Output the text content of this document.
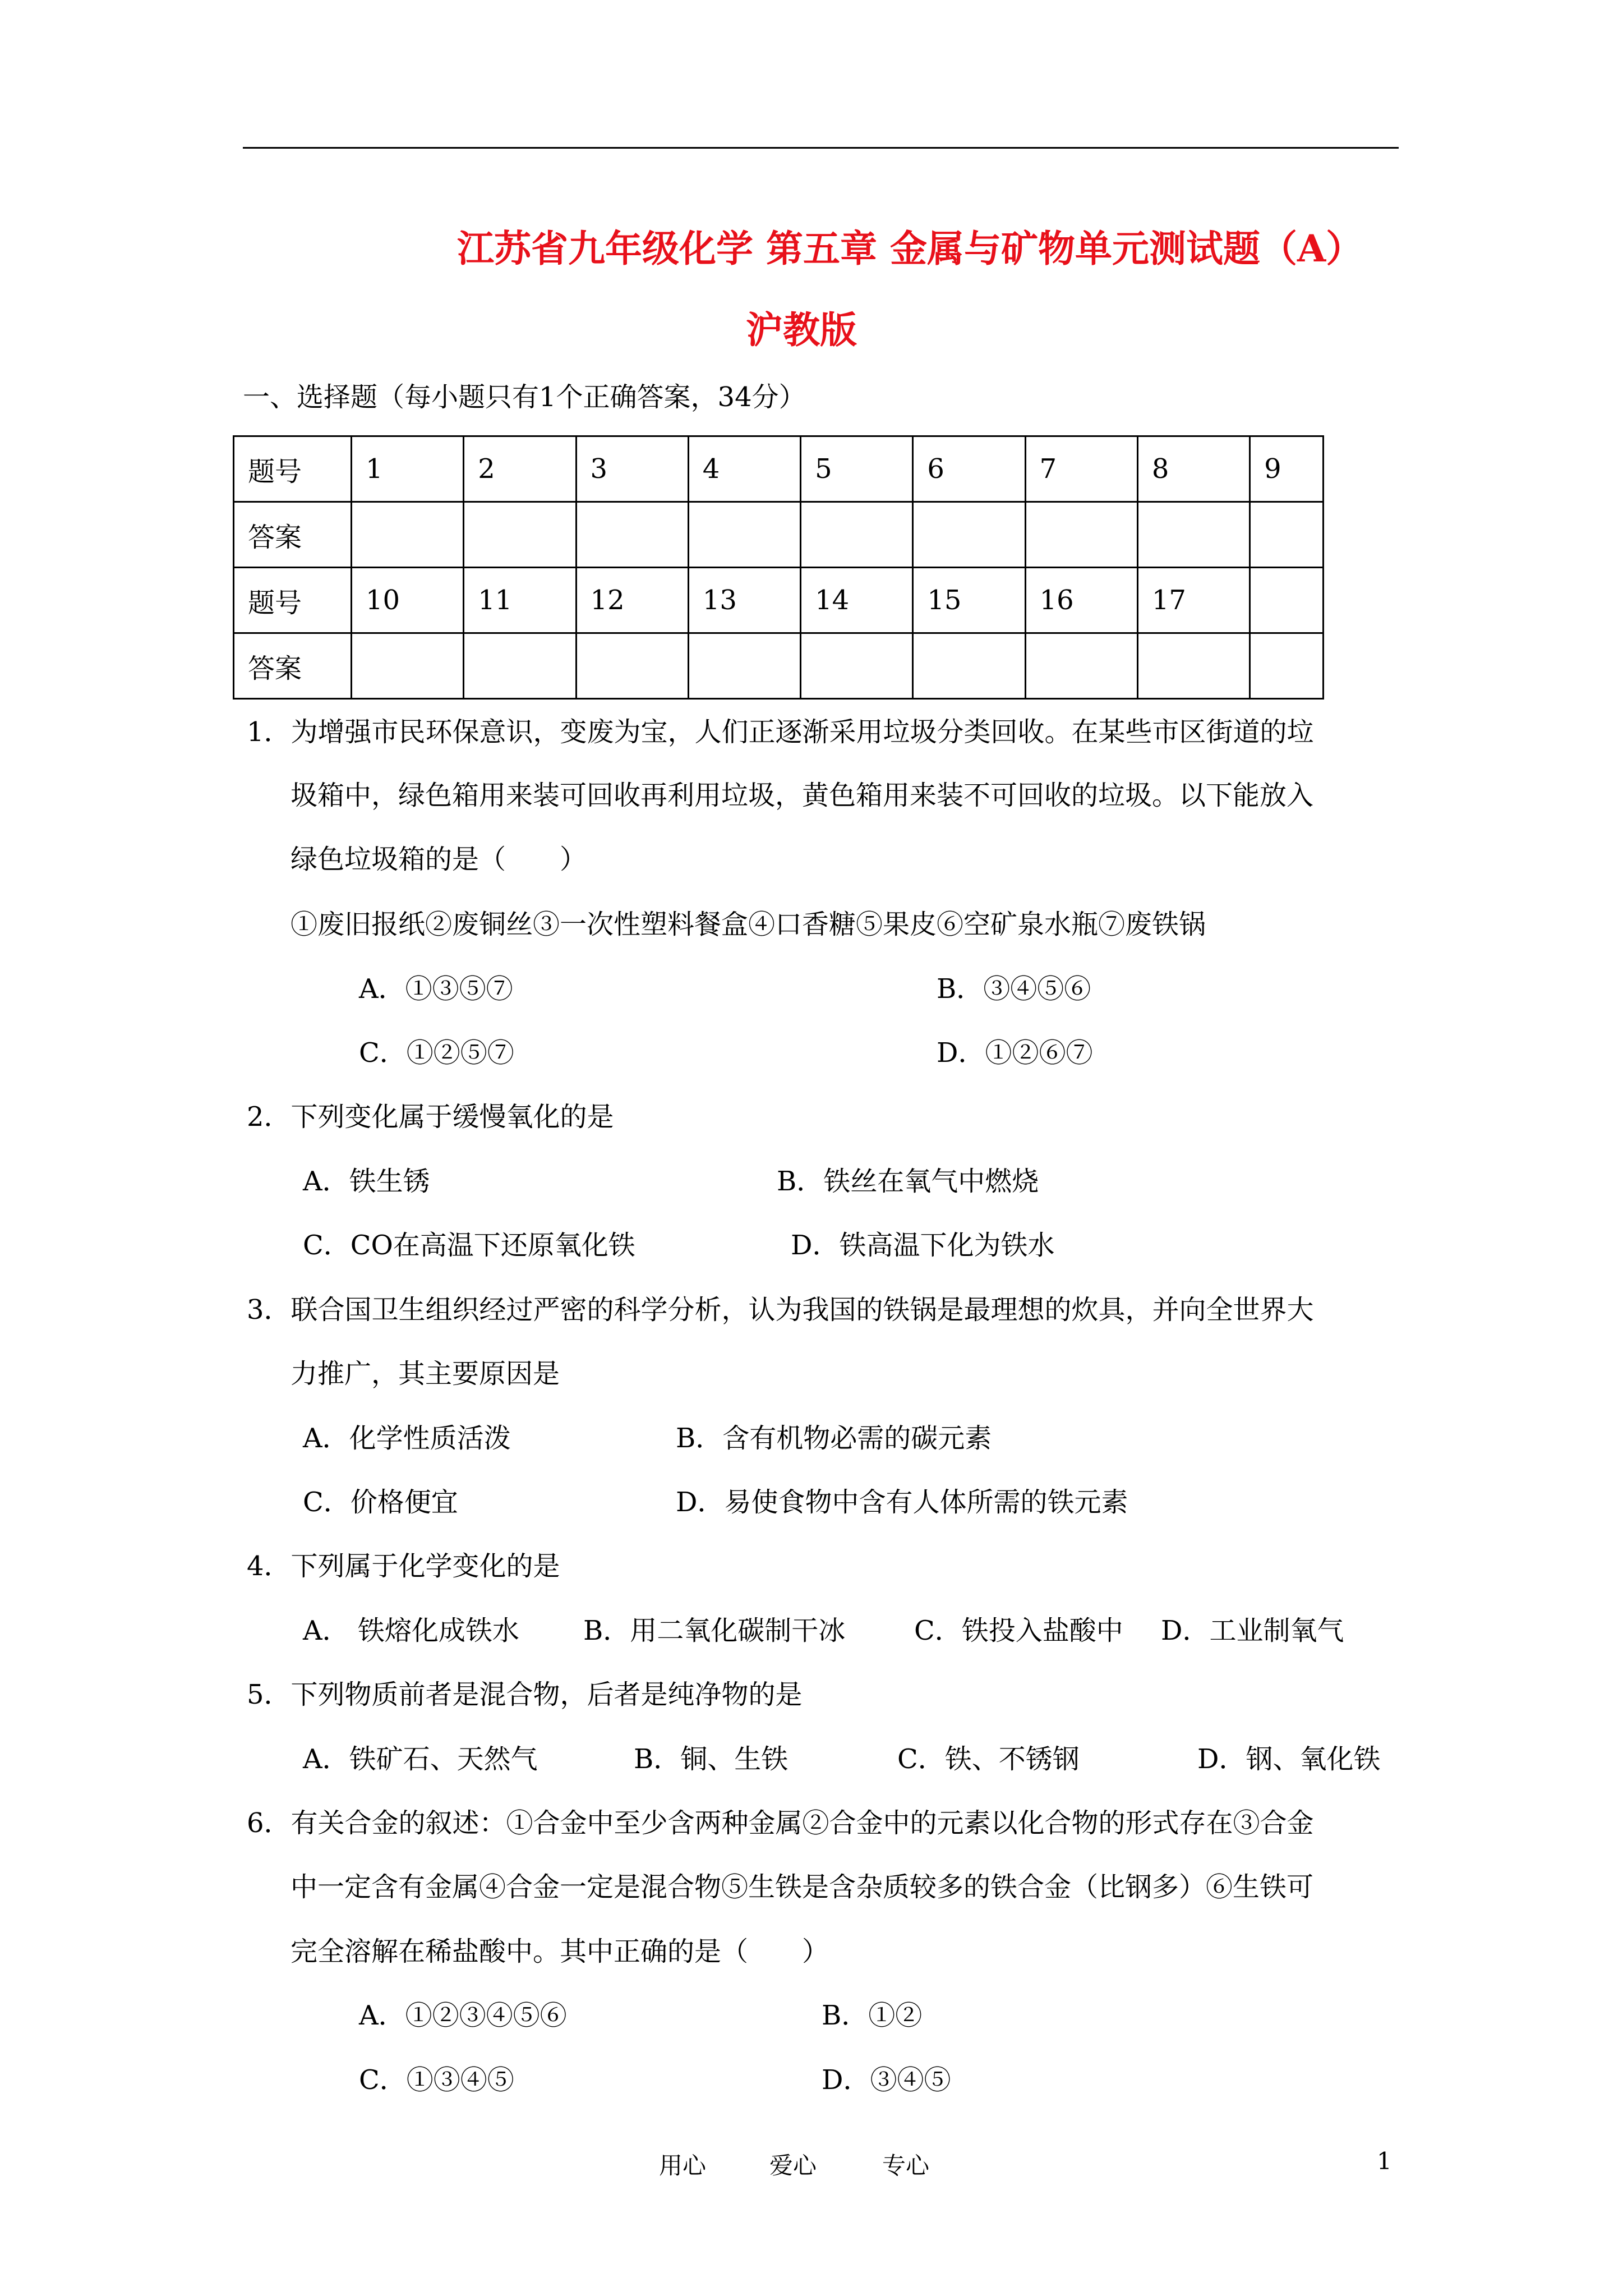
江苏省九年级化学 第五章 金属与矿物单元测试题（A）
沪教版
一、选择题（每小题只有1个正确答案，34分）
题号	1	2	3	4	5	6	7	8	9
答案									
题号	10	11	12	13	14	15	16	17	
答案									
1．为增强市民环保意识，变废为宝，人们正逐渐采用垃圾分类回收。在某些市区街道的垃
圾箱中，绿色箱用来装可回收再利用垃圾，黄色箱用来装不可回收的垃圾。以下能放入
绿色垃圾箱的是（　　）
①废旧报纸②废铜丝③一次性塑料餐盒④口香糖⑤果皮⑥空矿泉水瓶⑦废铁锅
A．①③⑤⑦	B．③④⑤⑥
C．①②⑤⑦	D．①②⑥⑦
2．下列变化属于缓慢氧化的是
A．铁生锈	B．铁丝在氧气中燃烧
C．CO在高温下还原氧化铁	D．铁高温下化为铁水
3．联合国卫生组织经过严密的科学分析，认为我国的铁锅是最理想的炊具，并向全世界大
力推广，其主要原因是
A．化学性质活泼	B．含有机物必需的碳元素
C．价格便宜	D．易使食物中含有人体所需的铁元素
4．下列属于化学变化的是
A． 铁熔化成铁水 B．用二氧化碳制干冰	C．铁投入盐酸中 D．工业制氧气
5．下列物质前者是混合物，后者是纯净物的是
A．铁矿石、天然气	B．铜、生铁	C．铁、不锈钢	D．钢、氧化铁
6．有关合金的叙述：①合金中至少含两种金属②合金中的元素以化合物的形式存在③合金
中一定含有金属④合金一定是混合物⑤生铁是含杂质较多的铁合金（比钢多）⑥生铁可
完全溶解在稀盐酸中。其中正确的是（　　）
A．①②③④⑤⑥	B．①②
C．①③④⑤	D．③④⑤
用心	爱心	专心	1
